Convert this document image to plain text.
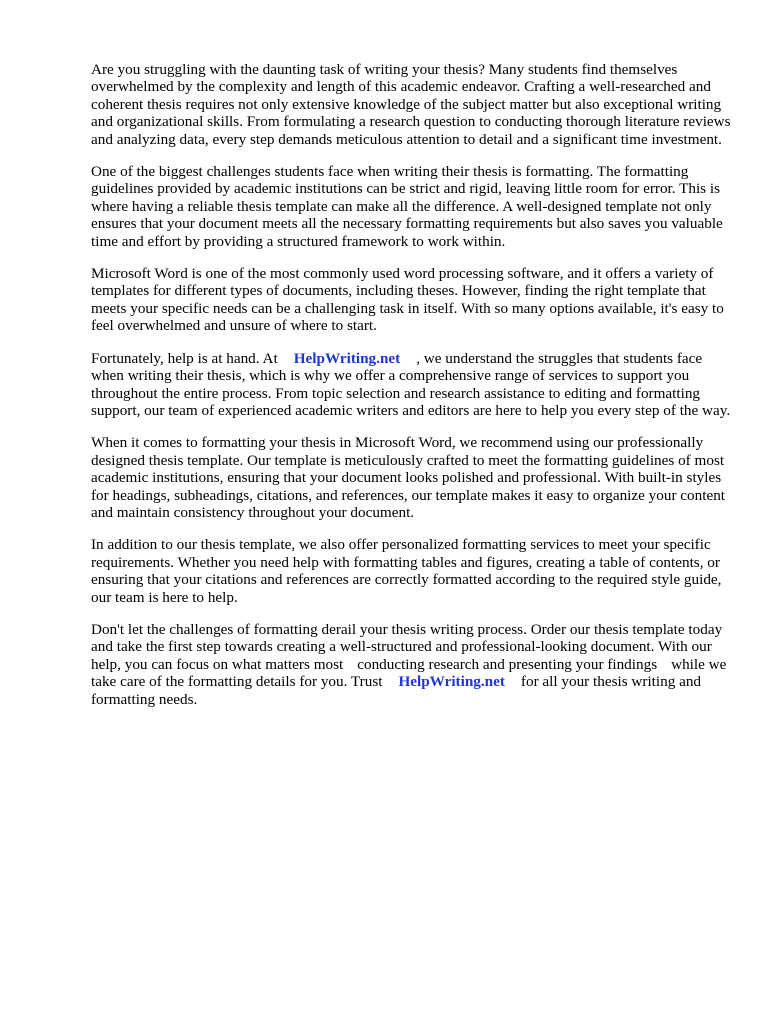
Are you struggling with the daunting task of writing your thesis? Many students find themselves overwhelmed by the complexity and length of this academic endeavor. Crafting a well-researched and coherent thesis requires not only extensive knowledge of the subject matter but also exceptional writing and organizational skills. From formulating a research question to conducting thorough literature reviews and analyzing data, every step demands meticulous attention to detail and a significant time investment.

One of the biggest challenges students face when writing their thesis is formatting. The formatting guidelines provided by academic institutions can be strict and rigid, leaving little room for error. This is where having a reliable thesis template can make all the difference. A well-designed template not only ensures that your document meets all the necessary formatting requirements but also saves you valuable time and effort by providing a structured framework to work within.

Microsoft Word is one of the most commonly used word processing software, and it offers a variety of templates for different types of documents, including theses. However, finding the right template that meets your specific needs can be a challenging task in itself. With so many options available, it's easy to feel overwhelmed and unsure of where to start.

Fortunately, help is at hand. At HelpWriting.net , we understand the struggles that students face when writing their thesis, which is why we offer a comprehensive range of services to support you throughout the entire process. From topic selection and research assistance to editing and formatting support, our team of experienced academic writers and editors are here to help you every step of the way.

When it comes to formatting your thesis in Microsoft Word, we recommend using our professionally designed thesis template. Our template is meticulously crafted to meet the formatting guidelines of most academic institutions, ensuring that your document looks polished and professional. With built-in styles for headings, subheadings, citations, and references, our template makes it easy to organize your content and maintain consistency throughout your document.

In addition to our thesis template, we also offer personalized formatting services to meet your specific requirements. Whether you need help with formatting tables and figures, creating a table of contents, or ensuring that your citations and references are correctly formatted according to the required style guide, our team is here to help.

Don't let the challenges of formatting derail your thesis writing process. Order our thesis template today and take the first step towards creating a well-structured and professional-looking document. With our help, you can focus on what matters most conducting research and presenting your findings while we take care of the formatting details for you. Trust HelpWriting.net for all your thesis writing and formatting needs.
